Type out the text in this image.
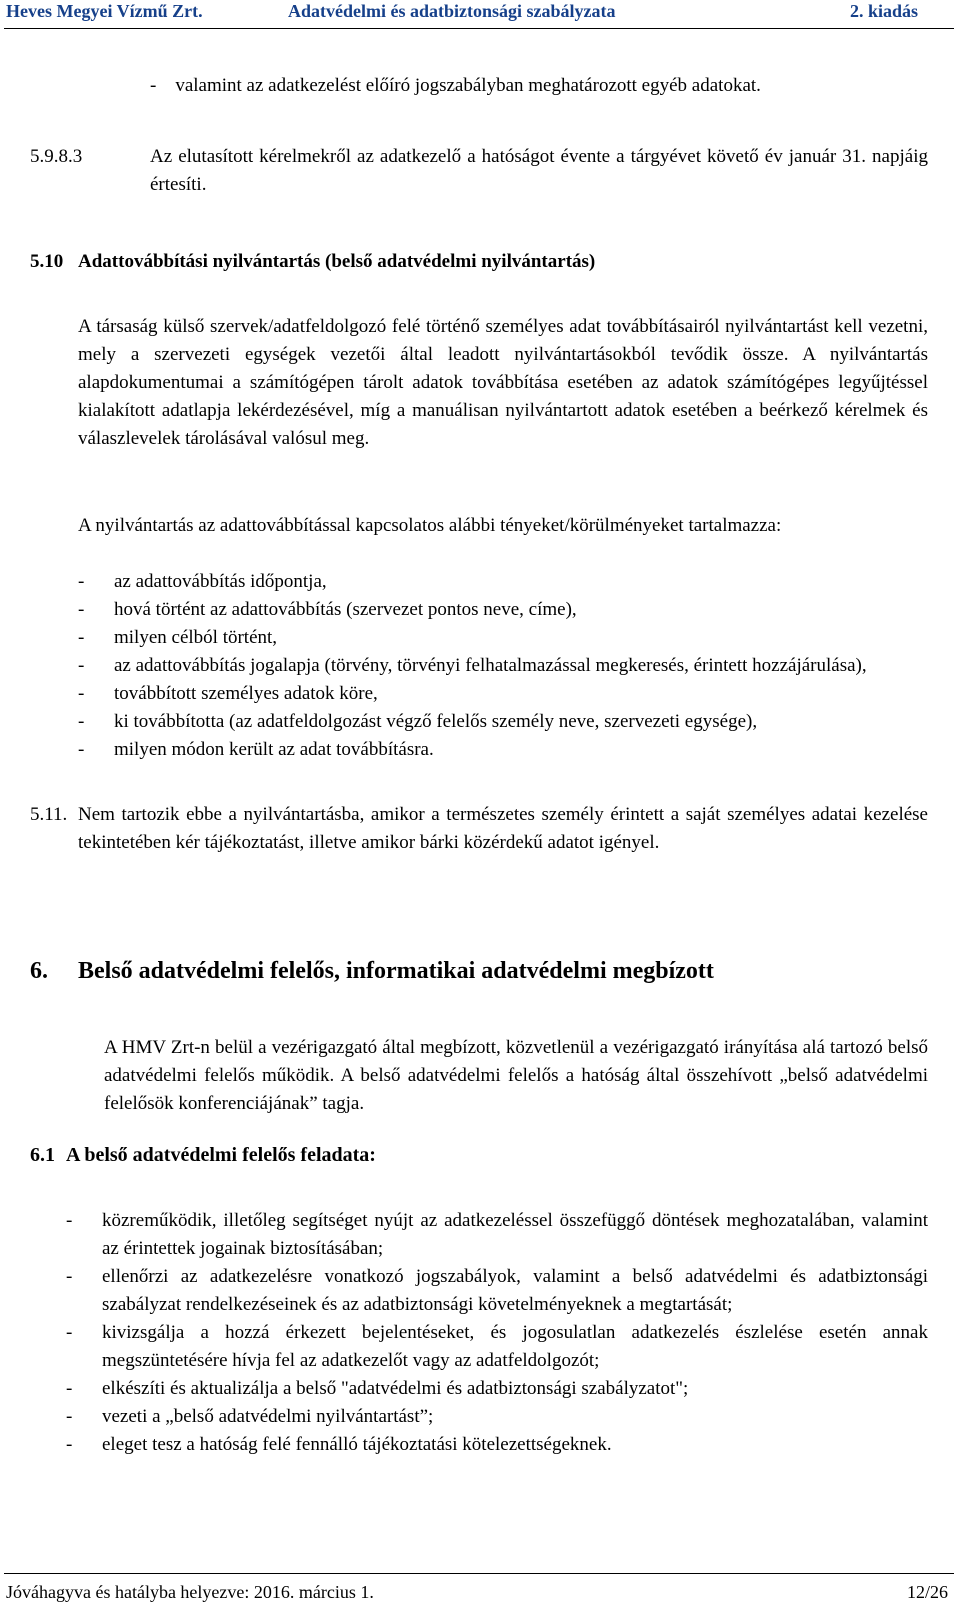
Heves Megyei Vízmű Zrt.	Adatvédelmi és adatbiztonsági szabályzata	2. kiadás
- valamint az adatkezelést előíró jogszabályban meghatározott egyéb adatokat.
5.9.8.3	Az elutasított kérelmekről az adatkezelő a hatóságot évente a tárgyévet követő év január 31. napjáig értesíti.
5.10 Adattovábbítási nyilvántartás (belső adatvédelmi nyilvántartás)
A társaság külső szervek/adatfeldolgozó felé történő személyes adat továbbításairól nyilvántartást kell vezetni, mely a szervezeti egységek vezetői által leadott nyilvántartásokból tevődik össze. A nyilvántartás alapdokumentumai a számítógépen tárolt adatok továbbítása esetében az adatok számítógépes legyűjtéssel kialakított adatlapja lekérdezésével, míg a manuálisan nyilvántartott adatok esetében a beérkező kérelmek és válaszlevelek tárolásával valósul meg.
A nyilvántartás az adattovábbítással kapcsolatos alábbi tényeket/körülményeket tartalmazza:
- az adattovábbítás időpontja,
- hová történt az adattovábbítás (szervezet pontos neve, címe),
- milyen célból történt,
- az adattovábbítás jogalapja (törvény, törvényi felhatalmazással megkeresés, érintett hozzájárulása),
- továbbított személyes adatok köre,
- ki továbbította (az adatfeldolgozást végző felelős személy neve, szervezeti egysége),
- milyen módon került az adat továbbításra.
5.11. Nem tartozik ebbe a nyilvántartásba, amikor a természetes személy érintett a saját személyes adatai kezelése tekintetében kér tájékoztatást, illetve amikor bárki közérdekű adatot igényel.
6. Belső adatvédelmi felelős, informatikai adatvédelmi megbízott
A HMV Zrt-n belül a vezérigazgató által megbízott, közvetlenül a vezérigazgató irányítása alá tartozó belső adatvédelmi felelős működik. A belső adatvédelmi felelős a hatóság által összehívott „belső adatvédelmi felelősök konferenciájának” tagja.
6.1 A belső adatvédelmi felelős feladata:
- közreműködik, illetőleg segítséget nyújt az adatkezeléssel összefüggő döntések meghozatalában, valamint az érintettek jogainak biztosításában;
- ellenőrzi az adatkezelésre vonatkozó jogszabályok, valamint a belső adatvédelmi és adatbiztonsági szabályzat rendelkezéseinek és az adatbiztonsági követelményeknek a megtartását;
- kivizsgálja a hozzá érkezett bejelentéseket, és jogosulatlan adatkezelés észlelése esetén annak megszüntetésére hívja fel az adatkezelőt vagy az adatfeldolgozót;
- elkészíti és aktualizálja a belső "adatvédelmi és adatbiztonsági szabályzatot";
- vezeti a „belső adatvédelmi nyilvántartást”;
- eleget tesz a hatóság felé fennálló tájékoztatási kötelezettségeknek.
Jóváhagyva és hatályba helyezve: 2016. március 1.	12/26
